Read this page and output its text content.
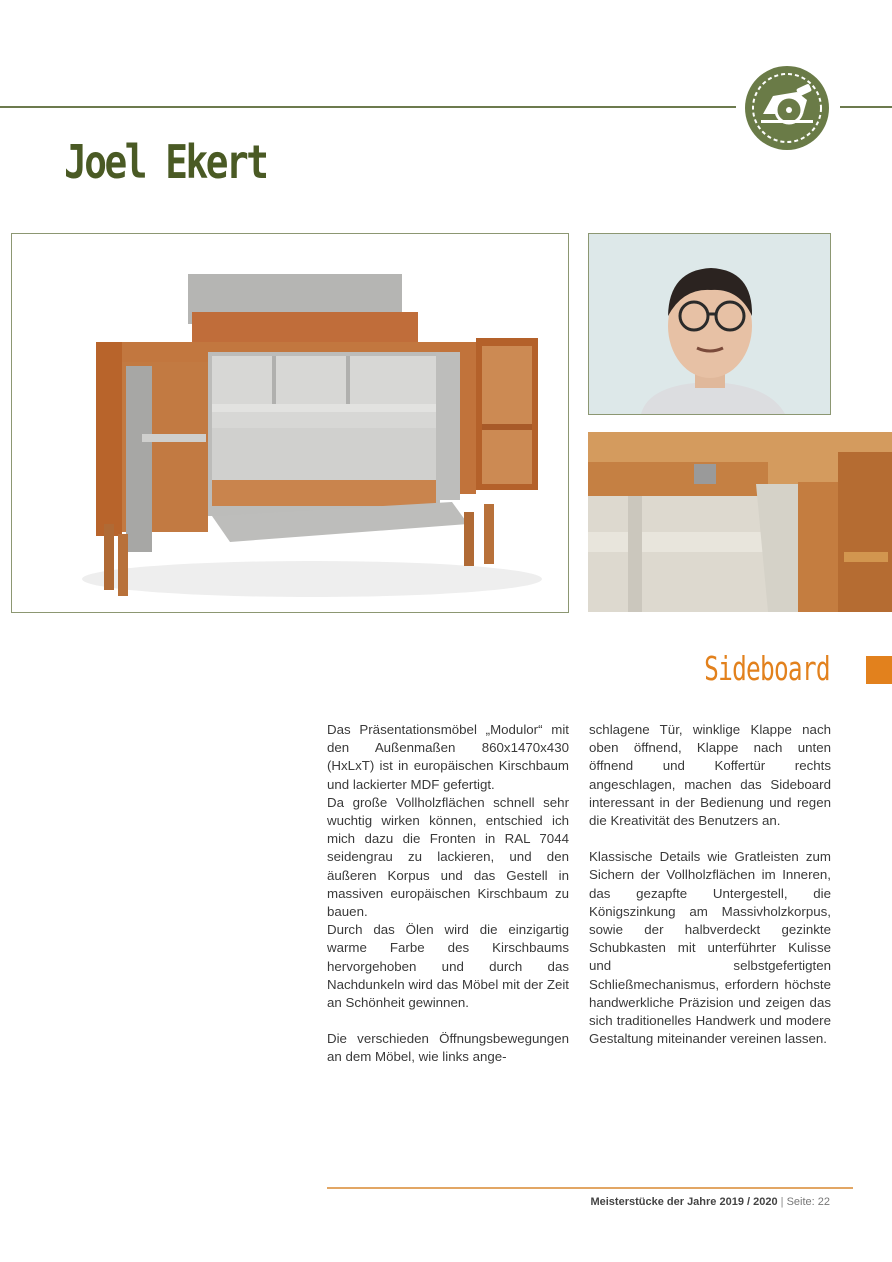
Joel Ekert
Sideboard

Das Präsentationsmöbel „Modulor“ mit den Außenmaßen 860x1470x430 (HxLxT) ist in europäischen Kirschbaum und lackierter MDF gefertigt.

Da große Vollholzflächen schnell sehr wuchtig wirken können, entschied ich mich dazu die Fronten in RAL 7044 seidengrau zu lackieren, und den äußeren Korpus und das Gestell in massiven europäischen Kirschbaum zu bauen.

Durch das Ölen wird die einzigartig warme Farbe des Kirschbaums hervorgehoben und durch das Nachdunkeln wird das Möbel mit der Zeit an Schönheit gewinnen.

Die verschieden Öffnungsbewegungen an dem Möbel, wie links ange-

schlagene Tür, winklige Klappe nach oben öffnend, Klappe nach unten öffnend und Koffertür rechts angeschlagen, machen das Sideboard interessant in der Bedienung und regen die Kreativität des Benutzers an.

Klassische Details wie Gratleisten zum Sichern der Vollholzflächen im Inneren, das gezapfte Untergestell, die Königszinkung am Massivholzkorpus, sowie der halbverdeckt gezinkte Schubkasten mit unterführter Kulisse und selbstgefertigten Schließmechanismus, erfordern höchste handwerkliche Präzision und zeigen das sich traditionelles Handwerk und modere Gestaltung miteinander vereinen lassen.

Meisterstücke der Jahre 2019 / 2020 | Seite: 22
